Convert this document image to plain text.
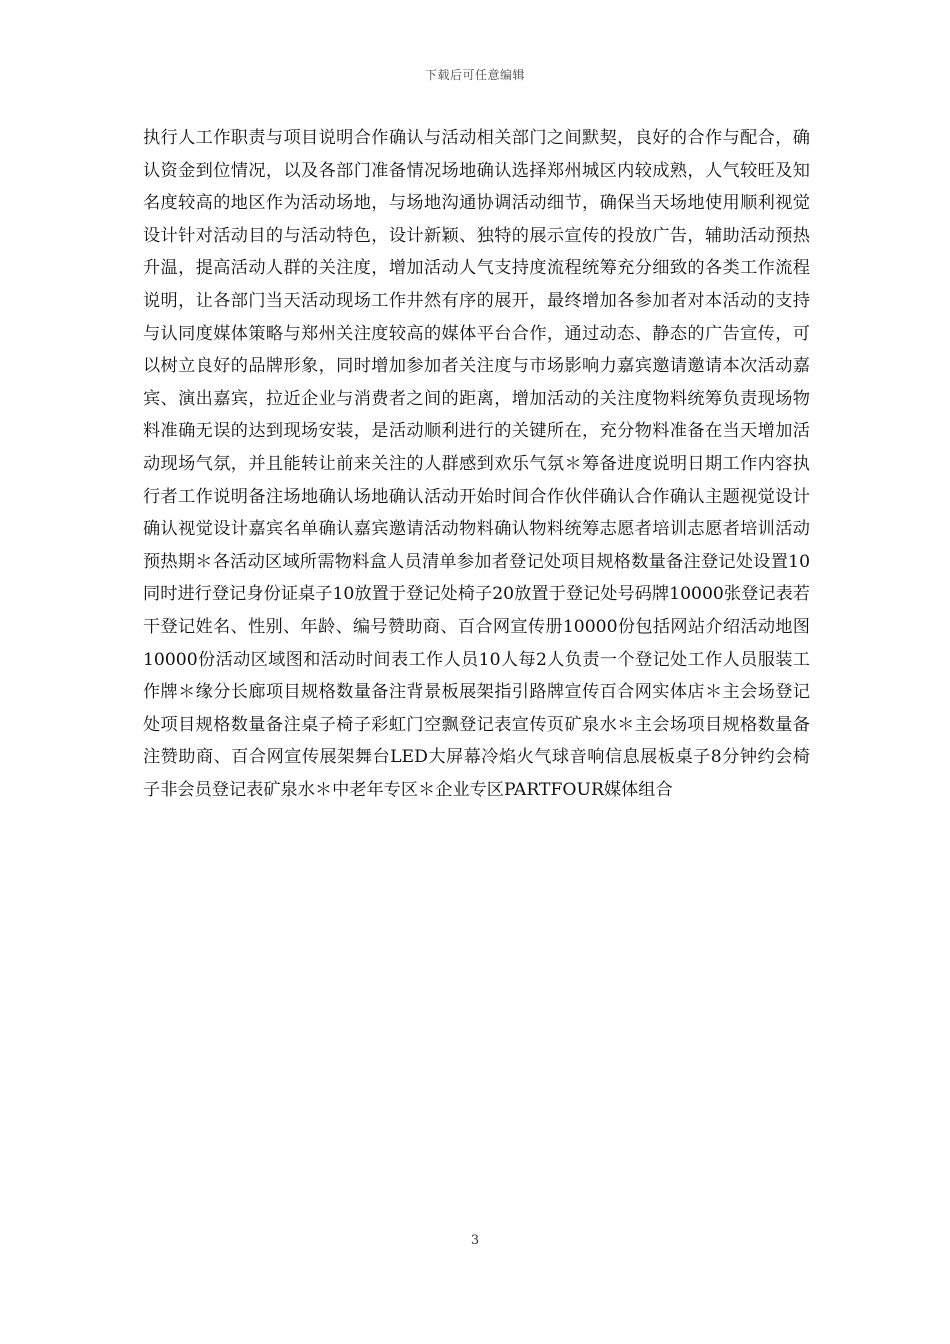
下载后可任意编辑

执行人工作职责与项目说明合作确认与活动相关部门之间默契，良好的合作与配合，确认资金到位情况，以及各部门准备情况场地确认选择郑州城区内较成熟，人气较旺及知名度较高的地区作为活动场地，与场地沟通协调活动细节，确保当天场地使用顺利视觉设计针对活动目的与活动特色，设计新颖、独特的展示宣传的投放广告，辅助活动预热升温，提高活动人群的关注度，增加活动人气支持度流程统筹充分细致的各类工作流程说明，让各部门当天活动现场工作井然有序的展开，最终增加各参加者对本活动的支持与认同度媒体策略与郑州关注度较高的媒体平台合作，通过动态、静态的广告宣传，可以树立良好的品牌形象，同时增加参加者关注度与市场影响力嘉宾邀请邀请本次活动嘉宾、演出嘉宾，拉近企业与消费者之间的距离，增加活动的关注度物料统筹负责现场物料准确无误的达到现场安装，是活动顺利进行的关键所在，充分物料准备在当天增加活动现场气氛，并且能转让前来关注的人群感到欢乐气氛＊筹备进度说明日期工作内容执行者工作说明备注场地确认场地确认活动开始时间合作伙伴确认合作确认主题视觉设计确认视觉设计嘉宾名单确认嘉宾邀请活动物料确认物料统筹志愿者培训志愿者培训活动预热期＊各活动区域所需物料盒人员清单参加者登记处项目规格数量备注登记处设置10同时进行登记身份证桌子10放置于登记处椅子20放置于登记处号码牌10000张登记表若干登记姓名、性别、年龄、编号赞助商、百合网宣传册10000份包括网站介绍活动地图10000份活动区域图和活动时间表工作人员10人每2人负责一个登记处工作人员服装工作牌＊缘分长廊项目规格数量备注背景板展架指引路牌宣传百合网实体店＊主会场登记处项目规格数量备注桌子椅子彩虹门空飘登记表宣传页矿泉水＊主会场项目规格数量备注赞助商、百合网宣传展架舞台LED大屏幕冷焰火气球音响信息展板桌子8分钟约会椅子非会员登记表矿泉水＊中老年专区＊企业专区PARTFOUR媒体组合

3
